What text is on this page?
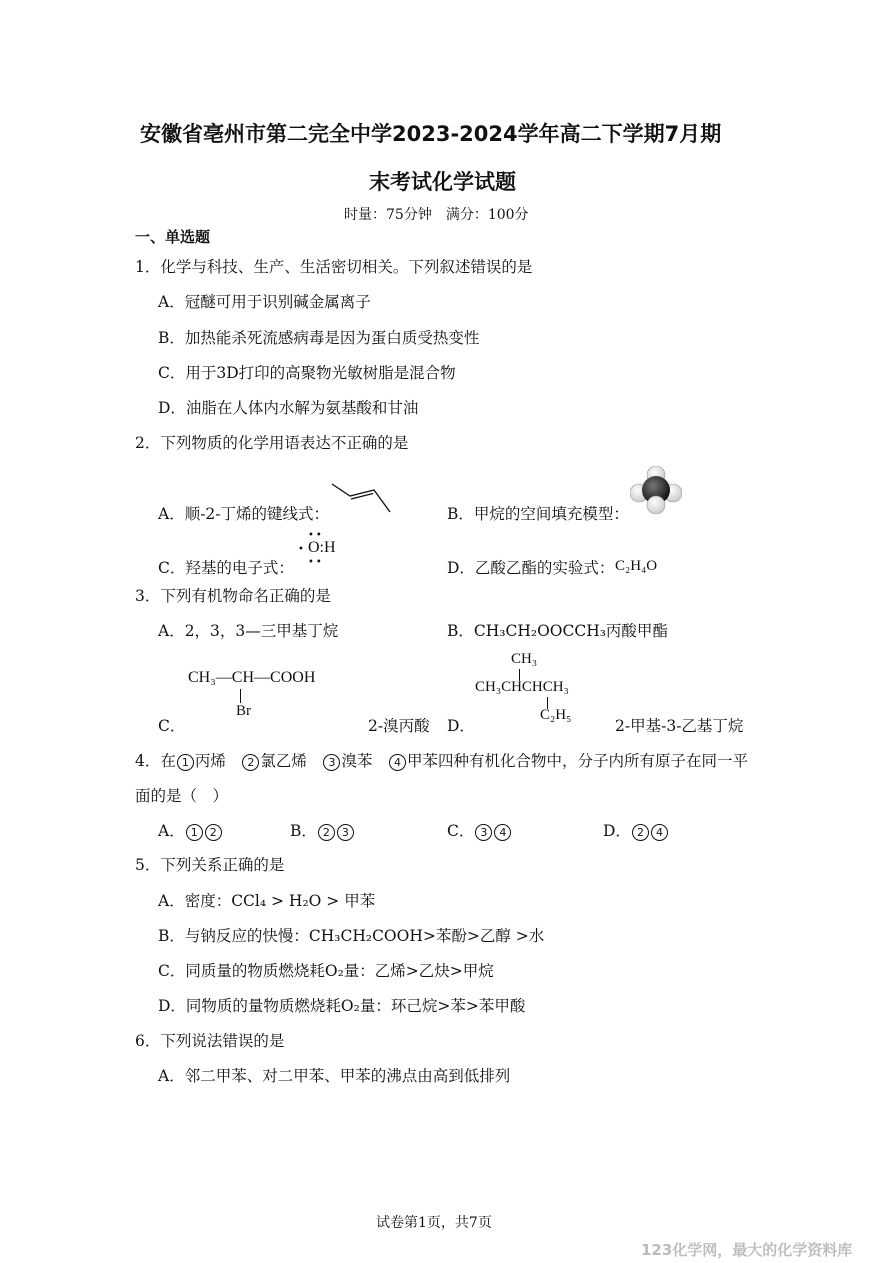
安徽省亳州市第二完全中学2023-2024学年高二下学期7月期
末考试化学试题
时量：75分钟　满分：100分
一、单选题
1．化学与科技、生产、生活密切相关。下列叙述错误的是
A．冠醚可用于识别碱金属离子
B．加热能杀死流感病毒是因为蛋白质受热变性
C．用于3D打印的高聚物光敏树脂是混合物
D．油脂在人体内水解为氨基酸和甘油
2．下列物质的化学用语表达不正确的是
A．顺-2-丁烯的键线式：	B．甲烷的空间填充模型：
C．羟基的电子式：
O:H
••
••
•
D．乙酸乙酯的实验式： C₂H₄O
3．下列有机物命名正确的是
A．2，3，3—三甲基丁烷	B．CH₃CH₂OOCCH₃丙酸甲酯
CH₃—CH—COOH
Br
C．	2-溴丙酸
CH₃
CH₃CHCHCH₃
C₂H₅
D．	2-甲基-3-乙基丁烷
4．在 1 丙烯　 2 氯乙烯　 3 溴苯　 4 甲苯四种有机化合物中，分子内所有原子在同一平
面的是（　）
A． 1 2	B． 2 3	C． 3 4	D． 2 4
5．下列关系正确的是
A．密度：CCl₄ > H₂O > 甲苯
B．与钠反应的快慢：CH₃CH₂COOH>苯酚>乙醇 >水
C．同质量的物质燃烧耗O₂量：乙烯>乙炔>甲烷
D．同物质的量物质燃烧耗O₂量：环己烷>苯>苯甲酸
6．下列说法错误的是
A．邻二甲苯、对二甲苯、甲苯的沸点由高到低排列
试卷第1页，共7页
123化学网，最大的化学资料库
